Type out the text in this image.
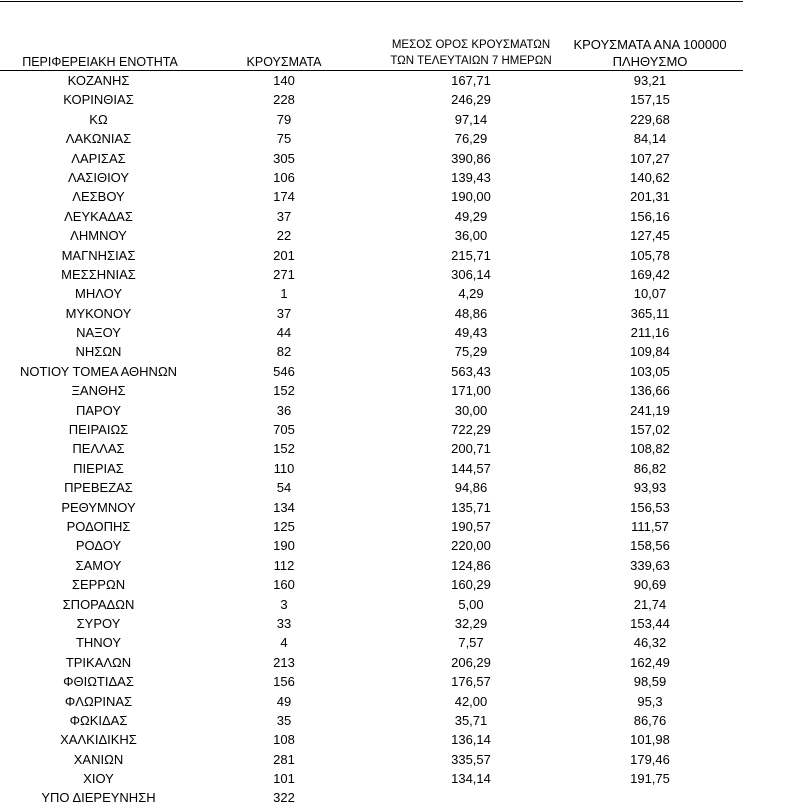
ΠΕΡΙΦΕΡΕΙΑΚΗ ΕΝΟΤΗΤΑ	ΚΡΟΥΣΜΑΤΑ
ΜΕΣΟΣ ΟΡΟΣ ΚΡΟΥΣΜΑΤΩΝ
ΤΩΝ ΤΕΛΕΥΤΑΙΩΝ 7 ΗΜΕΡΩΝ
ΚΡΟΥΣΜΑΤΑ ΑΝΑ 100000
ΠΛΗΘΥΣΜΟ
ΚΟΖΑΝΗΣ	140	167,71	93,21
ΚΟΡΙΝΘΙΑΣ	228	246,29	157,15
ΚΩ	79	97,14	229,68
ΛΑΚΩΝΙΑΣ	75	76,29	84,14
ΛΑΡΙΣΑΣ	305	390,86	107,27
ΛΑΣΙΘΙΟΥ	106	139,43	140,62
ΛΕΣΒΟΥ	174	190,00	201,31
ΛΕΥΚΑΔΑΣ	37	49,29	156,16
ΛΗΜΝΟΥ	22	36,00	127,45
ΜΑΓΝΗΣΙΑΣ	201	215,71	105,78
ΜΕΣΣΗΝΙΑΣ	271	306,14	169,42
ΜΗΛΟΥ	1	4,29	10,07
ΜΥΚΟΝΟΥ	37	48,86	365,11
ΝΑΞΟΥ	44	49,43	211,16
ΝΗΣΩΝ	82	75,29	109,84
ΝΟΤΙΟΥ ΤΟΜΕΑ ΑΘΗΝΩΝ	546	563,43	103,05
ΞΑΝΘΗΣ	152	171,00	136,66
ΠΑΡΟΥ	36	30,00	241,19
ΠΕΙΡΑΙΩΣ	705	722,29	157,02
ΠΕΛΛΑΣ	152	200,71	108,82
ΠΙΕΡΙΑΣ	110	144,57	86,82
ΠΡΕΒΕΖΑΣ	54	94,86	93,93
ΡΕΘΥΜΝΟΥ	134	135,71	156,53
ΡΟΔΟΠΗΣ	125	190,57	111,57
ΡΟΔΟΥ	190	220,00	158,56
ΣΑΜΟΥ	112	124,86	339,63
ΣΕΡΡΩΝ	160	160,29	90,69
ΣΠΟΡΑΔΩΝ	3	5,00	21,74
ΣΥΡΟΥ	33	32,29	153,44
ΤΗΝΟΥ	4	7,57	46,32
ΤΡΙΚΑΛΩΝ	213	206,29	162,49
ΦΘΙΩΤΙΔΑΣ	156	176,57	98,59
ΦΛΩΡΙΝΑΣ	49	42,00	95,3
ΦΩΚΙΔΑΣ	35	35,71	86,76
ΧΑΛΚΙΔΙΚΗΣ	108	136,14	101,98
ΧΑΝΙΩΝ	281	335,57	179,46
ΧΙΟΥ	101	134,14	191,75
ΥΠΟ ΔΙΕΡΕΥΝΗΣΗ	322
